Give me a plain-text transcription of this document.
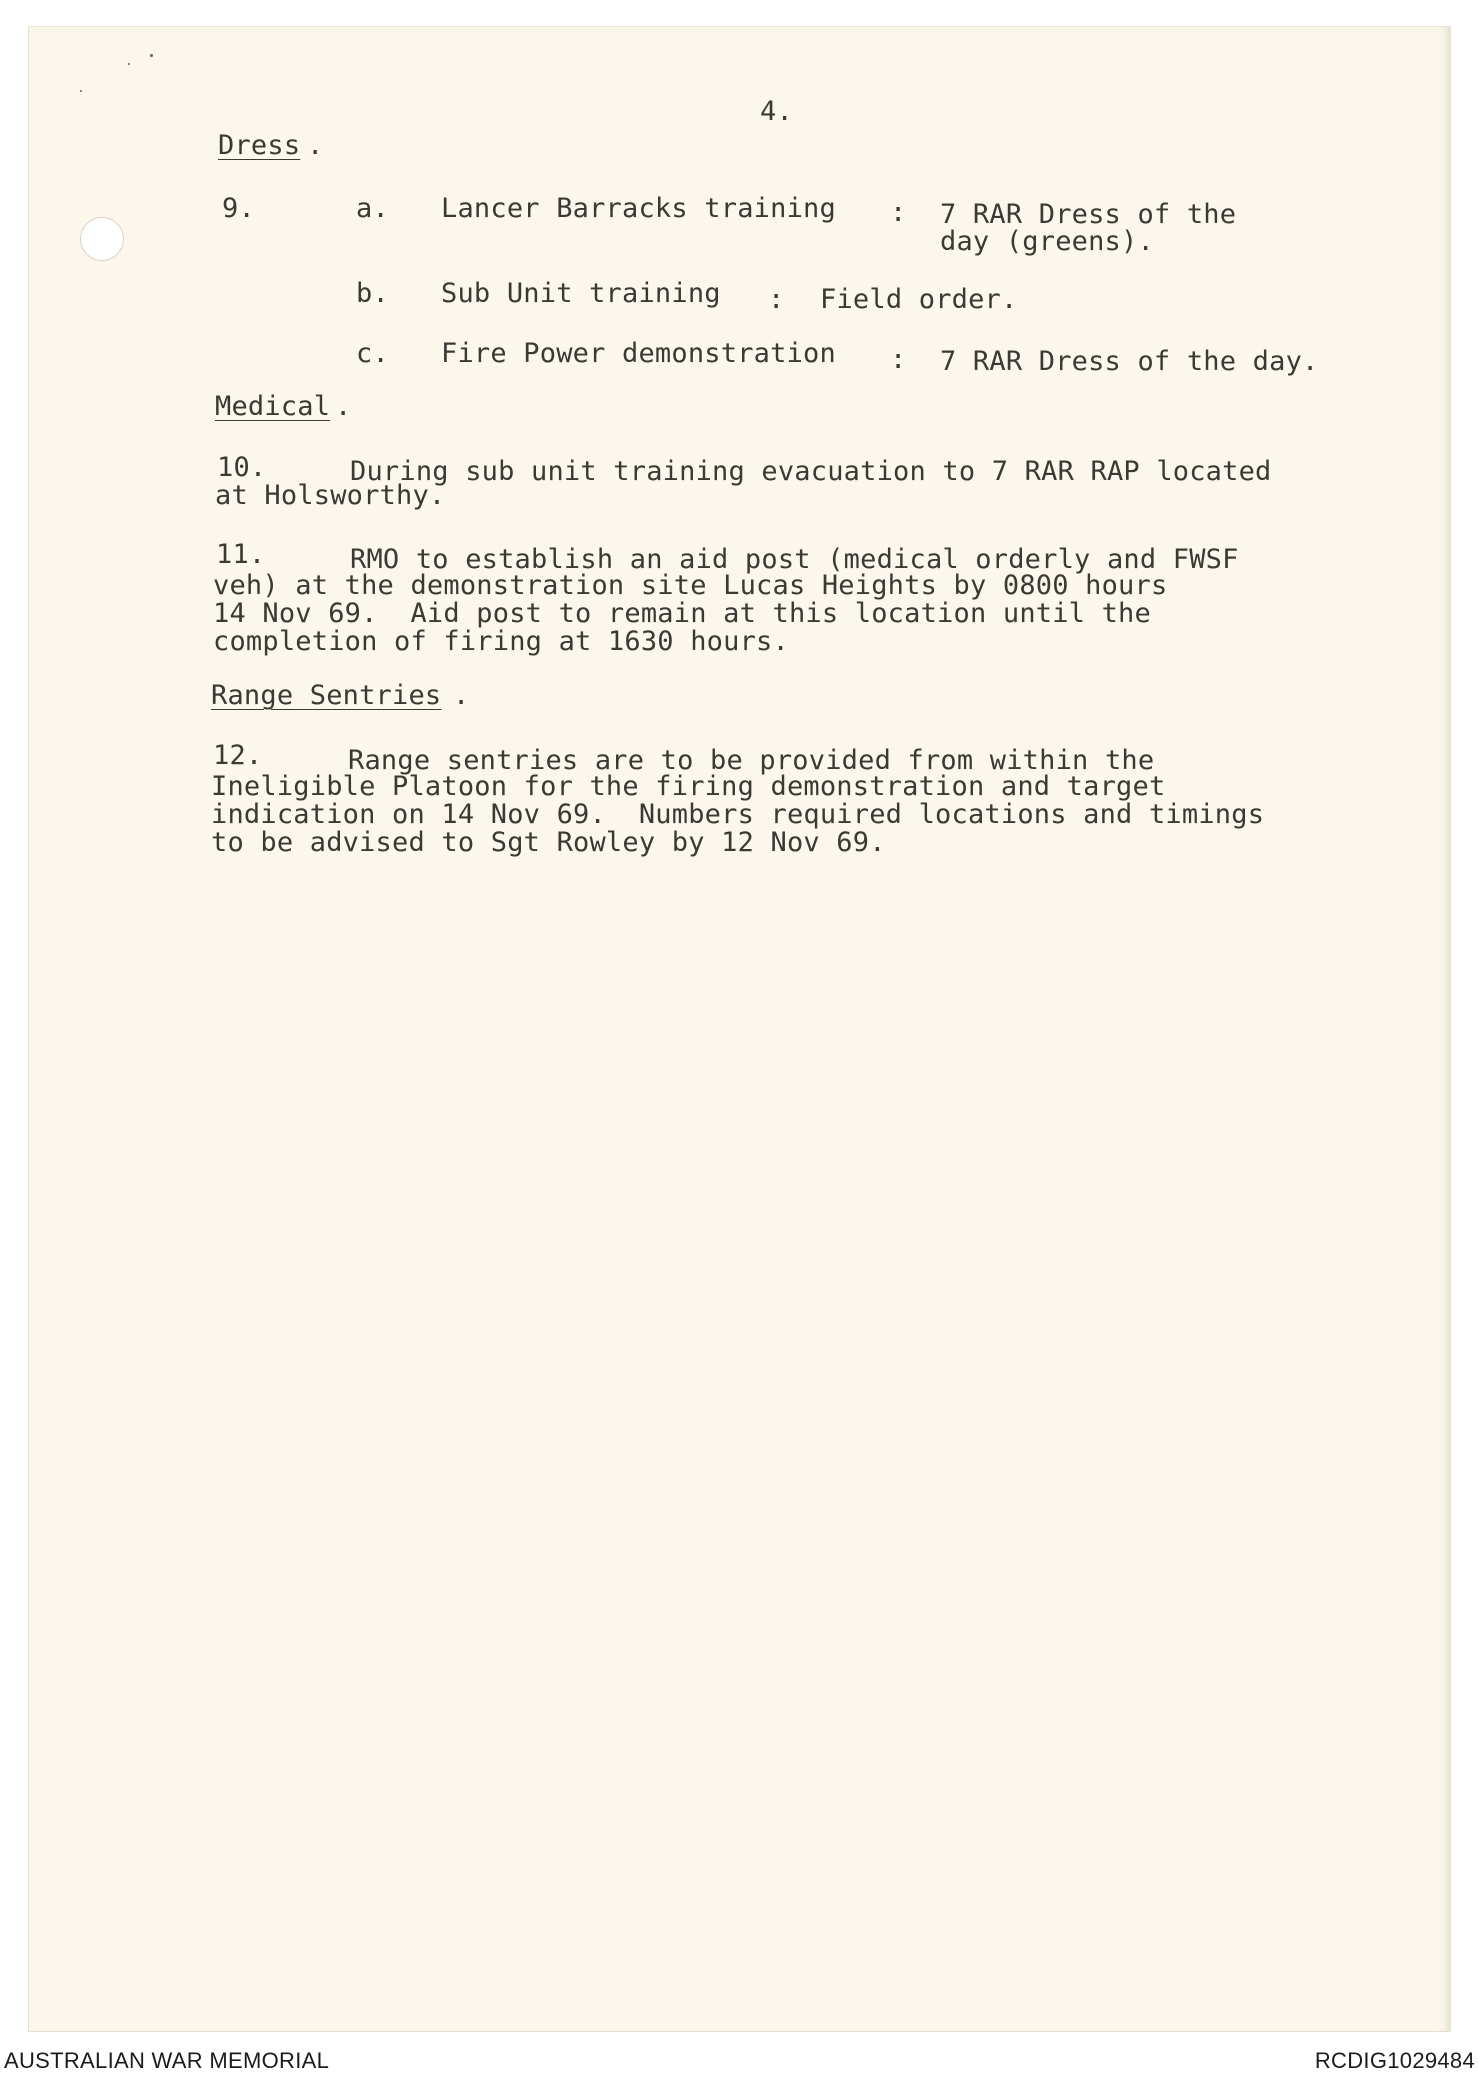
4.
Dress .
9.	a. Lancer Barracks training : 7 RAR Dress of the
day (greens).
b. Sub Unit training : Field order.
c. Fire Power demonstration : 7 RAR Dress of the day.
Medical .
10.	During sub unit training evacuation to 7 RAR RAP located
at Holsworthy.
11.	RMO to establish an aid post (medical orderly and FWSF
veh) at the demonstration site Lucas Heights by 0800 hours
14 Nov 69.  Aid post to remain at this location until the
completion of firing at 1630 hours.
Range Sentries .
12.	Range sentries are to be provided from within the
Ineligible Platoon for the firing demonstration and target
indication on 14 Nov 69.  Numbers required locations and timings
to be advised to Sgt Rowley by 12 Nov 69.
AUSTRALIAN WAR MEMORIAL	RCDIG1029484
